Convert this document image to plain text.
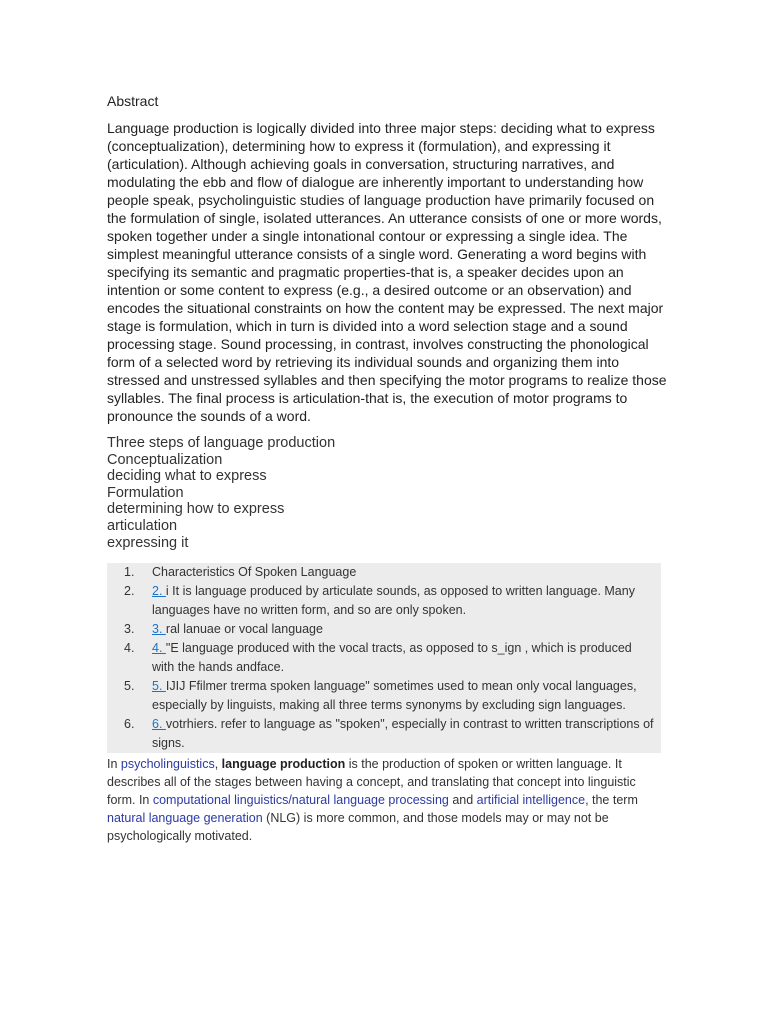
Abstract

Language production is logically divided into three major steps: deciding what to express (conceptualization), determining how to express it (formulation), and expressing it (articulation). Although achieving goals in conversation, structuring narratives, and modulating the ebb and flow of dialogue are inherently important to understanding how people speak, psycholinguistic studies of language production have primarily focused on the formulation of single, isolated utterances. An utterance consists of one or more words, spoken together under a single intonational contour or expressing a single idea. The simplest meaningful utterance consists of a single word. Generating a word begins with specifying its semantic and pragmatic properties-that is, a speaker decides upon an intention or some content to express (e.g., a desired outcome or an observation) and encodes the situational constraints on how the content may be expressed. The next major stage is formulation, which in turn is divided into a word selection stage and a sound processing stage. Sound processing, in contrast, involves constructing the phonological form of a selected word by retrieving its individual sounds and organizing them into stressed and unstressed syllables and then specifying the motor programs to realize those syllables. The final process is articulation-that is, the execution of motor programs to pronounce the sounds of a word.

Three steps of language production
Conceptualization
deciding what to express
Formulation
determining how to express
articulation
expressing it
1.	Characteristics Of Spoken Language
2.	2. i It is language produced by articulate sounds, as opposed to written language. Many languages have no written form, and so are only spoken.
3.	3. ral lanuae or vocal language
4.	4. "E language produced with the vocal tracts, as opposed to s_ign , which is produced with the hands andface.
5.	5. IJIJ Ffilmer trerma spoken language" sometimes used to mean only vocal languages, especially by linguists, making all three terms synonyms by excluding sign languages.
6.	6. votrhiers. refer to language as "spoken", especially in contrast to written transcriptions of signs.

In psycholinguistics, language production is the production of spoken or written language. It describes all of the stages between having a concept, and translating that concept into linguistic form. In computational linguistics/natural language processing and artificial intelligence, the term natural language generation (NLG) is more common, and those models may or may not be psychologically motivated.
